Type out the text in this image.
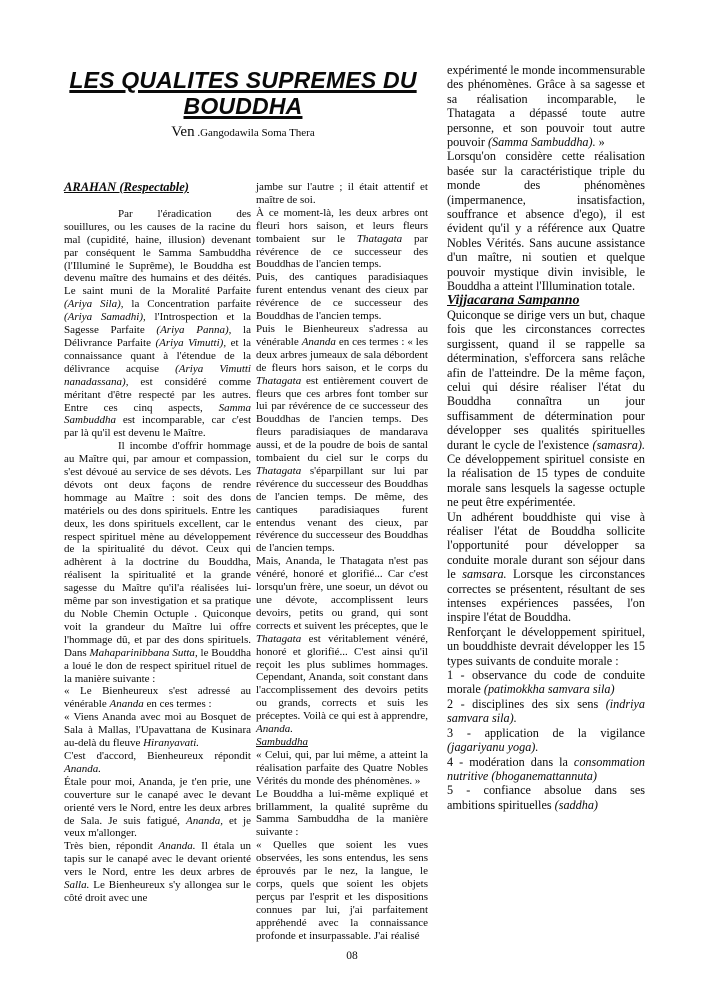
LES QUALITES SUPREMES DU
BOUDDHA
Ven .Gangodawila Soma Thera
ARAHAN (Respectable)

Par l'éradication des souillures, ou les causes de la racine du mal (cupidité, haine, illusion) devenant par conséquent le Samma Sambuddha (l'Illuminé le Suprême), le Bouddha est devenu maître des humains et des déités. Le saint muni de la Moralité Parfaite (Ariya Sila), la Concentration parfaite (Ariya Samadhi), l'Introspection et la Sagesse Parfaite (Ariya Panna), la Délivrance Parfaite (Ariya Vimutti), et la connaissance quant à l'étendue de la délivrance acquise (Ariya Vimutti nanadassana), est considéré comme méritant d'être respecté par les autres. Entre ces cinq aspects, Samma Sambuddha est incomparable, car c'est par là qu'il est devenu le Maître.

Il incombe d'offrir hommage au Maître qui, par amour et compassion, s'est dévoué au service de ses dévots. Les dévots ont deux façons de rendre hommage au Maître : soit des dons matériels ou des dons spirituels. Entre les deux, les dons spirituels excellent, car le respect spirituel mène au développement de la spiritualité du dévot. Ceux qui adhèrent à la doctrine du Bouddha, réalisent la spiritualité et la grande sagesse du Maître qu'il'a réalisées lui-même par son investigation et sa pratique du Noble Chemin Octuple . Quiconque voit la grandeur du Maître lui offre l'hommage dû, et par des dons spirituels. Dans Mahaparinibbana Sutta, le Bouddha a loué le don de respect spirituel rituel de la manière suivante :

« Le Bienheureux s'est adressé au vénérable Ananda en ces termes :

« Viens Ananda avec moi au Bosquet de Sala à Mallas, l'Upavattana de Kusinara au-delà du fleuve Hiranyavati.

C'est d'accord, Bienheureux répondit Ananda.

Étale pour moi, Ananda, je t'en prie, une couverture sur le canapé avec le devant orienté vers le Nord, entre les deux arbres de Sala. Je suis fatigué, Ananda, et je veux m'allonger.

Très bien, répondit Ananda. Il étala un tapis sur le canapé avec le devant orienté vers le Nord, entre les deux arbres de Salla. Le Bienheureux s'y allongea sur le côté droit avec une

jambe sur l'autre ; il était attentif et maître de soi.

À ce moment-là, les deux arbres ont fleuri hors saison, et leurs fleurs tombaient sur le Thatagata par révérence de ce successeur des Bouddhas de l'ancien temps.

Puis, des cantiques paradisiaques furent entendus venant des cieux par révérence de ce successeur des Bouddhas de l'ancien temps.

Puis le Bienheureux s'adressa au vénérable Ananda en ces termes : « les deux arbres jumeaux de sala débordent de fleurs hors saison, et le corps du Thatagata est entièrement couvert de fleurs que ces arbres font tomber sur lui par révérence de ce successeur des Bouddhas de l'ancien temps. Des fleurs paradisiaques de mandarava aussi, et de la poudre de bois de santal tombaient du ciel sur le corps du Thatagata s'éparpillant sur lui par révérence du successeur des Bouddhas de l'ancien temps. De même, des cantiques paradisiaques furent entendus venant des cieux, par révérence du successeur des Bouddhas de l'ancien temps.

Mais, Ananda, le Thatagata n'est pas vénéré, honoré et glorifié... Car c'est lorsqu'un frère, une soeur, un dévot ou une dévote, accomplissent leurs devoirs, petits ou grand, qui sont corrects et suivent les préceptes, que le Thatagata est véritablement vénéré, honoré et glorifié... C'est ainsi qu'il reçoit les plus sublimes hommages. Cependant, Ananda, soit constant dans l'accomplissement des devoirs petits ou grands, corrects et suis les préceptes. Voilà ce qui est à apprendre, Ananda.

Sambuddha

« Celui, qui, par lui même, a atteint la réalisation parfaite des Quatre Nobles Vérités du monde des phénomènes. »

Le Bouddha a lui-même expliqué et brillamment, la qualité suprême du Samma Sambuddha de la manière suivante :

« Quelles que soient les vues observées, les sons entendus, les sens éprouvés par le nez, la langue, le corps, quels que soient les objets perçus par l'esprit et les dispositions connues par lui, j'ai parfaitement appréhendé avec la connaissance profonde et insurpassable. J'ai réalisé

expérimenté le monde incommensurable des phénomènes. Grâce à sa sagesse et sa réalisation incomparable, le Thatagata a dépassé toute autre personne, et son pouvoir tout autre pouvoir (Samma Sambuddha). »

Lorsqu'on considère cette réalisation basée sur la caractéristique triple du monde des phénomènes (impermanence, insatisfaction, souffrance et absence d'ego), il est évident qu'il y a référence aux Quatre Nobles Vérités. Sans aucune assistance d'un maître, ni soutien et quelque pouvoir mystique divin invisible, le Bouddha a atteint l'Illumination totale.

Vijjacarana Sampanno

Quiconque se dirige vers un but, chaque fois que les circonstances correctes surgissent, quand il se rappelle sa détermination, s'efforcera sans relâche afin de l'atteindre. De la même façon, celui qui désire réaliser l'état du Bouddha connaîtra un jour suffisamment de détermination pour développer ses qualités spirituelles durant le cycle de l'existence (samasra). Ce développement spirituel consiste en la réalisation de 15 types de conduite morale sans lesquels la sagesse octuple ne peut être expérimentée.

Un adhérent bouddhiste qui vise à réaliser l'état de Bouddha sollicite l'opportunité pour développer sa conduite morale durant son séjour dans le samsara. Lorsque les circonstances correctes se présentent, résultant de ses intenses expériences passées, l'on inspire l'état de Bouddha.

Renforçant le développement spirituel, un bouddhiste devrait développer les 15 types suivants de conduite morale :

1 - observance du code de conduite morale (patimokkha samvara sila)

2 - disciplines des six sens (indriya samvara sila).

3 - application de la vigilance (jagariyanu yoga).

4 - modération dans la consommation nutritive (bhoganemattannuta)

5 - confiance absolue dans ses ambitions spirituelles (saddha)

08
